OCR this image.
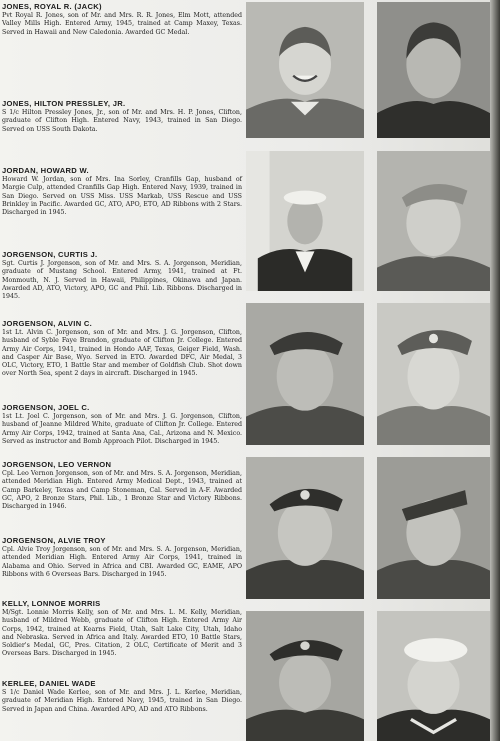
JONES, ROYAL R. (JACK)

Pvt Royal R. Jones, son of Mr. and Mrs. R. R. Jones, Elm Mott, attended Valley Mills High. Entered Army, 1945, trained at Camp Maxey, Texas. Served in Hawaii and New Caledonia. Awarded GC Medal.

JONES, HILTON PRESSLEY, JR.

S 1/c Hilton Pressley Jones, Jr., son of Mr. and Mrs. H. P. Jones, Clifton, graduate of Clifton High. Entered Navy, 1943, trained in San Diego. Served on USS South Dakota.

JORDAN, HOWARD W.

Howard W. Jordan, son of Mrs. Ina Sorley, Cranfills Gap, husband of Margie Culp, attended Cranfills Gap High. Entered Navy, 1939, trained in San Diego. Served on USS Miss. USS Markab, USS Rescue and USS Brinkley in Pacific. Awarded GC, ATO, APO, ETO, AD Ribbons with 2 Stars. Discharged in 1945.

JORGENSON, CURTIS J.

Sgt. Curtis J. Jorgenson, son of Mr. and Mrs. S. A. Jorgenson, Meridian, graduate of Mustang School. Entered Army, 1941, trained at Ft. Monmouth, N. J. Served in Hawaii, Philippines, Okinawa and Japan. Awarded AD, ATO, Victory, APO, GC and Phil. Lib. Ribbons. Discharged in 1945.

JORGENSON, ALVIN C.

1st Lt. Alvin C. Jorgenson, son of Mr. and Mrs. J. G. Jorgenson, Clifton, husband of Syble Faye Brandon, graduate of Clifton Jr. College. Entered Army Air Corps, 1941, trained in Hondo AAF, Texas, Geiger Field, Wash. and Casper Air Base, Wyo. Served in ETO. Awarded DFC, Air Medal, 3 OLC, Victory, ETO, 1 Battle Star and member of Goldfish Club. Shot down over North Sea, spent 2 days in aircraft. Discharged in 1945.

JORGENSON, JOEL C.

1st Lt. Joel C. Jorgenson, son of Mr. and Mrs. J. G. Jorgenson, Clifton, husband of Jeanne Mildred White, graduate of Clifton Jr. College. Entered Army Air Corps, 1942, trained at Santa Ana, Cal., Arizona and N. Mexico. Served as instructor and Bomb Approach Pilot. Discharged in 1945.

JORGENSON, LEO VERNON

Cpl. Leo Vernon Jorgenson, son of Mr. and Mrs. S. A. Jorgenson, Meridian, attended Meridian High. Entered Army Medical Dept., 1943, trained at Camp Barkeley, Texas and Camp Stoneman, Cal. Served in A-F. Awarded GC, APO, 2 Bronze Stars, Phil. Lib., 1 Bronze Star and Victory Ribbons. Discharged in 1946.

JORGENSON, ALVIE TROY

Cpl. Alvie Troy Jorgenson, son of Mr. and Mrs. S. A. Jorgenson, Meridian, attended Meridian High. Entered Army Air Corps, 1941, trained in Alabama and Ohio. Served in Africa and CBI. Awarded GC, EAME, APO Ribbons with 6 Overseas Bars. Discharged in 1945.

KELLY, LONNOE MORRIS

M/Sgt. Lonnie Morris Kelly, son of Mr. and Mrs. L. M. Kelly, Meridian, husband of Mildred Webb, graduate of Clifton High. Entered Army Air Corps, 1942, trained at Kearns Field, Utah, Salt Lake City, Utah, Idaho and Nebraska. Served in Africa and Italy. Awarded ETO, 10 Battle Stars, Soldier's Medal, GC, Pres. Citation, 2 OLC, Certificate of Merit and 3 Overseas Bars. Discharged in 1945.

KERLEE, DANIEL WADE

S 1/c Daniel Wade Kerlee, son of Mr. and Mrs. J. L. Kerlee, Meridian, graduate of Meridian High. Entered Navy, 1945, trained in San Diego. Served in Japan and China. Awarded APO, AD and ATO Ribbons.
